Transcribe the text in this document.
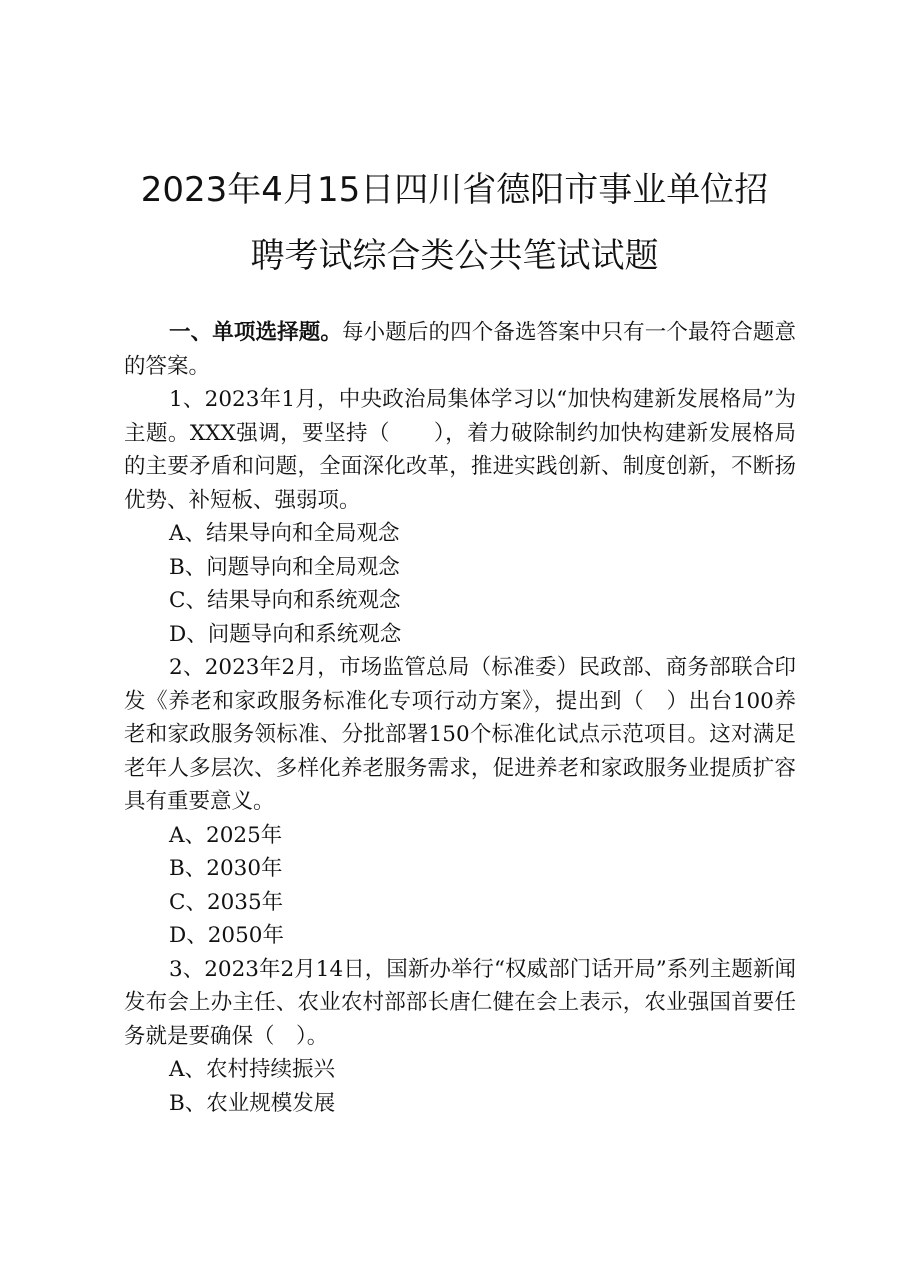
2023年4月15日四川省德阳市事业单位招
聘考试综合类公共笔试试题

一、单项选择题。每小题后的四个备选答案中只有一个最符合题意的答案。

1、2023年1月，中央政治局集体学习以“加快构建新发展格局”为主题。XXX强调，要坚持（　　），着力破除制约加快构建新发展格局的主要矛盾和问题，全面深化改革，推进实践创新、制度创新，不断扬优势、补短板、强弱项。

A、结果导向和全局观念

B、问题导向和全局观念

C、结果导向和系统观念

D、问题导向和系统观念

2、2023年2月，市场监管总局（标准委）民政部、商务部联合印发《养老和家政服务标准化专项行动方案》，提出到（　）出台100养老和家政服务领标准、分批部署150个标准化试点示范项目。这对满足老年人多层次、多样化养老服务需求，促进养老和家政服务业提质扩容具有重要意义。

A、2025年

B、2030年

C、2035年

D、2050年

3、2023年2月14日，国新办举行“权威部门话开局”系列主题新闻发布会上办主任、农业农村部部长唐仁健在会上表示，农业强国首要任务就是要确保（　）。

A、农村持续振兴

B、农业规模发展
